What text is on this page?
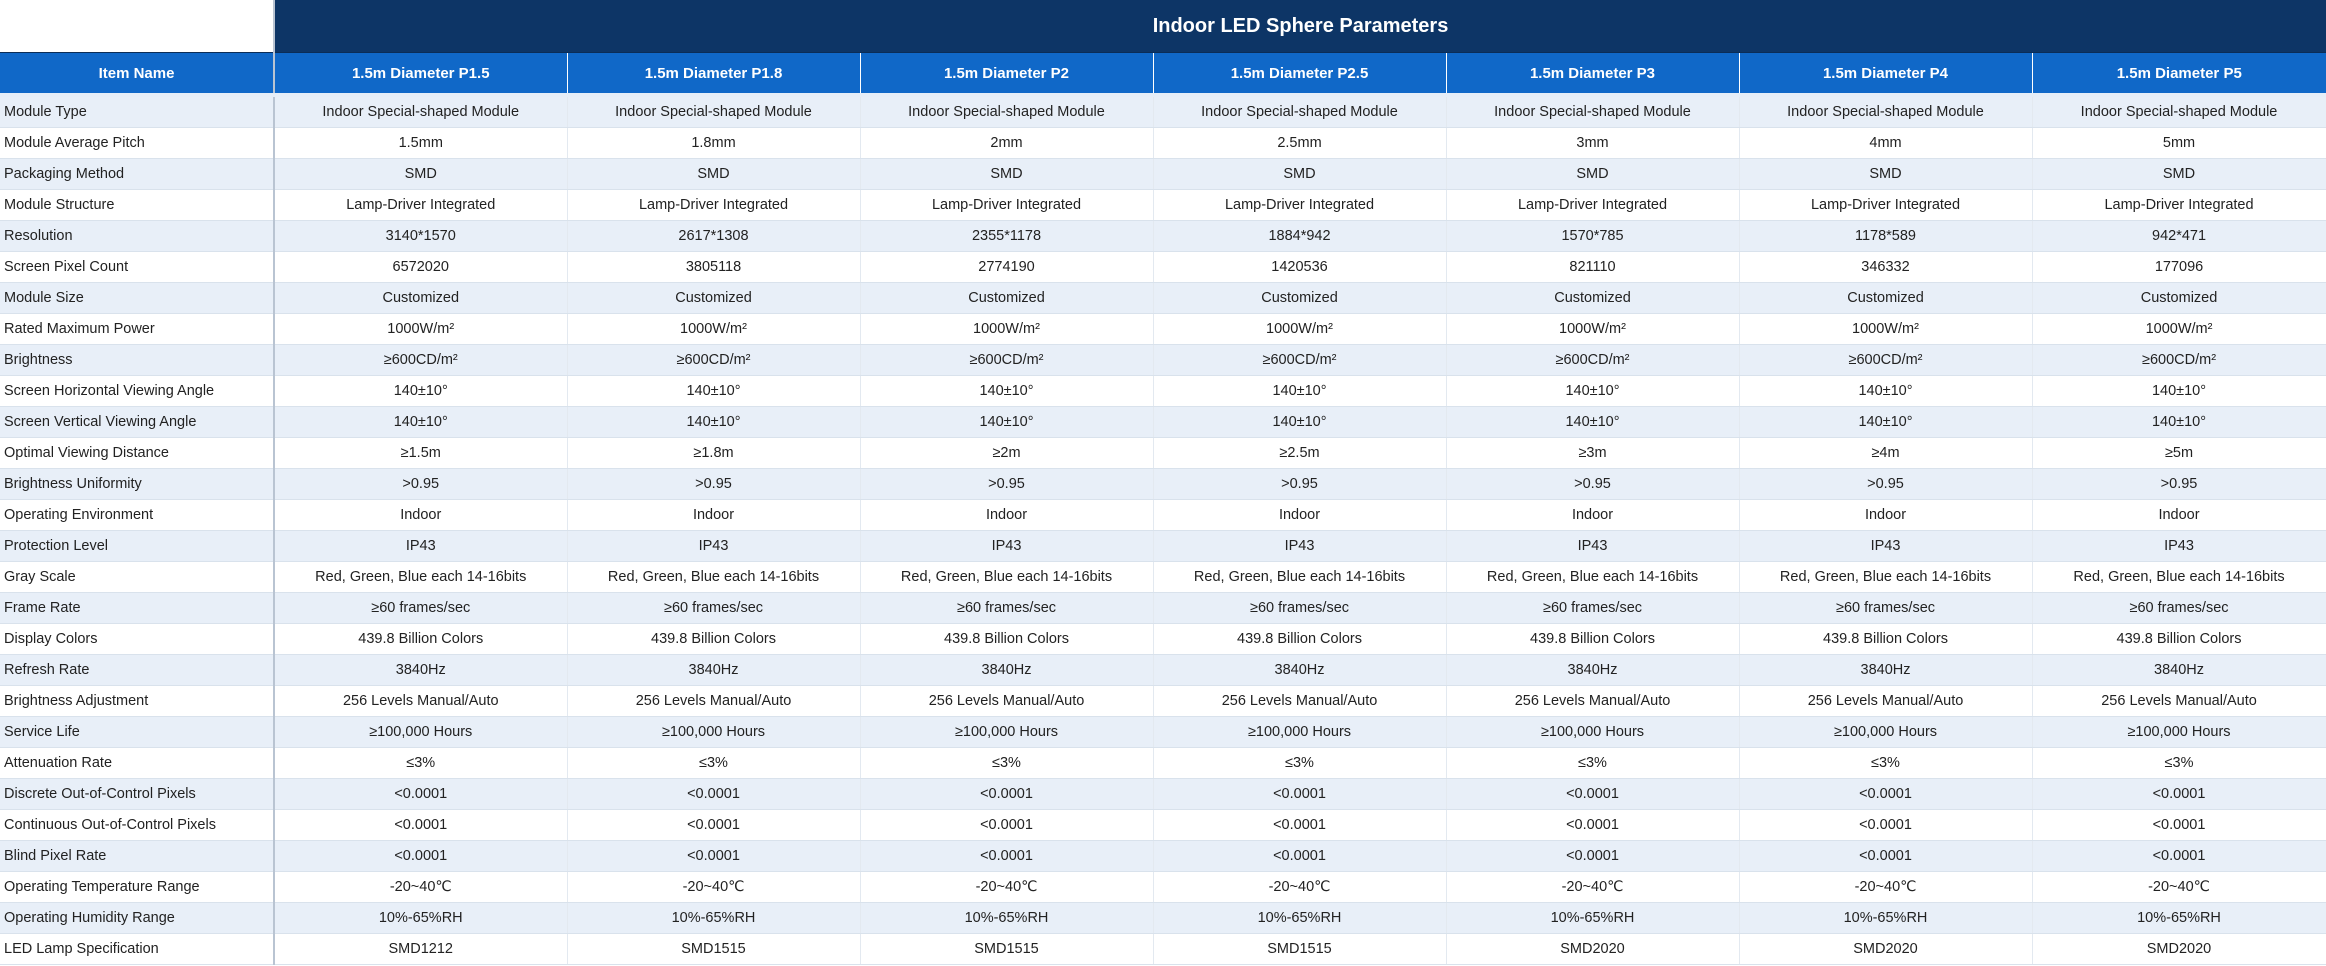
	Indoor LED Sphere Parameters						
Item Name	1.5m Diameter P1.5	1.5m Diameter P1.8	1.5m Diameter P2	1.5m Diameter P2.5	1.5m Diameter P3	1.5m Diameter P4	1.5m Diameter P5
Module Type	Indoor Special-shaped Module	Indoor Special-shaped Module	Indoor Special-shaped Module	Indoor Special-shaped Module	Indoor Special-shaped Module	Indoor Special-shaped Module	Indoor Special-shaped Module
Module Average Pitch	1.5mm	1.8mm	2mm	2.5mm	3mm	4mm	5mm
Packaging Method	SMD	SMD	SMD	SMD	SMD	SMD	SMD
Module Structure	Lamp-Driver Integrated	Lamp-Driver Integrated	Lamp-Driver Integrated	Lamp-Driver Integrated	Lamp-Driver Integrated	Lamp-Driver Integrated	Lamp-Driver Integrated
Resolution	3140*1570	2617*1308	2355*1178	1884*942	1570*785	1178*589	942*471
Screen Pixel Count	6572020	3805118	2774190	1420536	821110	346332	177096
Module Size	Customized	Customized	Customized	Customized	Customized	Customized	Customized
Rated Maximum Power	1000W/m²	1000W/m²	1000W/m²	1000W/m²	1000W/m²	1000W/m²	1000W/m²
Brightness	≥600CD/m²	≥600CD/m²	≥600CD/m²	≥600CD/m²	≥600CD/m²	≥600CD/m²	≥600CD/m²
Screen Horizontal Viewing Angle	140±10°	140±10°	140±10°	140±10°	140±10°	140±10°	140±10°
Screen Vertical Viewing Angle	140±10°	140±10°	140±10°	140±10°	140±10°	140±10°	140±10°
Optimal Viewing Distance	≥1.5m	≥1.8m	≥2m	≥2.5m	≥3m	≥4m	≥5m
Brightness Uniformity	>0.95	>0.95	>0.95	>0.95	>0.95	>0.95	>0.95
Operating Environment	Indoor	Indoor	Indoor	Indoor	Indoor	Indoor	Indoor
Protection Level	IP43	IP43	IP43	IP43	IP43	IP43	IP43
Gray Scale	Red, Green, Blue each 14-16bits	Red, Green, Blue each 14-16bits	Red, Green, Blue each 14-16bits	Red, Green, Blue each 14-16bits	Red, Green, Blue each 14-16bits	Red, Green, Blue each 14-16bits	Red, Green, Blue each 14-16bits
Frame Rate	≥60 frames/sec	≥60 frames/sec	≥60 frames/sec	≥60 frames/sec	≥60 frames/sec	≥60 frames/sec	≥60 frames/sec
Display Colors	439.8 Billion Colors	439.8 Billion Colors	439.8 Billion Colors	439.8 Billion Colors	439.8 Billion Colors	439.8 Billion Colors	439.8 Billion Colors
Refresh Rate	3840Hz	3840Hz	3840Hz	3840Hz	3840Hz	3840Hz	3840Hz
Brightness Adjustment	256 Levels Manual/Auto	256 Levels Manual/Auto	256 Levels Manual/Auto	256 Levels Manual/Auto	256 Levels Manual/Auto	256 Levels Manual/Auto	256 Levels Manual/Auto
Service Life	≥100,000 Hours	≥100,000 Hours	≥100,000 Hours	≥100,000 Hours	≥100,000 Hours	≥100,000 Hours	≥100,000 Hours
Attenuation Rate	≤3%	≤3%	≤3%	≤3%	≤3%	≤3%	≤3%
Discrete Out-of-Control Pixels	<0.0001	<0.0001	<0.0001	<0.0001	<0.0001	<0.0001	<0.0001
Continuous Out-of-Control Pixels	<0.0001	<0.0001	<0.0001	<0.0001	<0.0001	<0.0001	<0.0001
Blind Pixel Rate	<0.0001	<0.0001	<0.0001	<0.0001	<0.0001	<0.0001	<0.0001
Operating Temperature Range	-20~40℃	-20~40℃	-20~40℃	-20~40℃	-20~40℃	-20~40℃	-20~40℃
Operating Humidity Range	10%-65%RH	10%-65%RH	10%-65%RH	10%-65%RH	10%-65%RH	10%-65%RH	10%-65%RH
LED Lamp Specification	SMD1212	SMD1515	SMD1515	SMD1515	SMD2020	SMD2020	SMD2020
